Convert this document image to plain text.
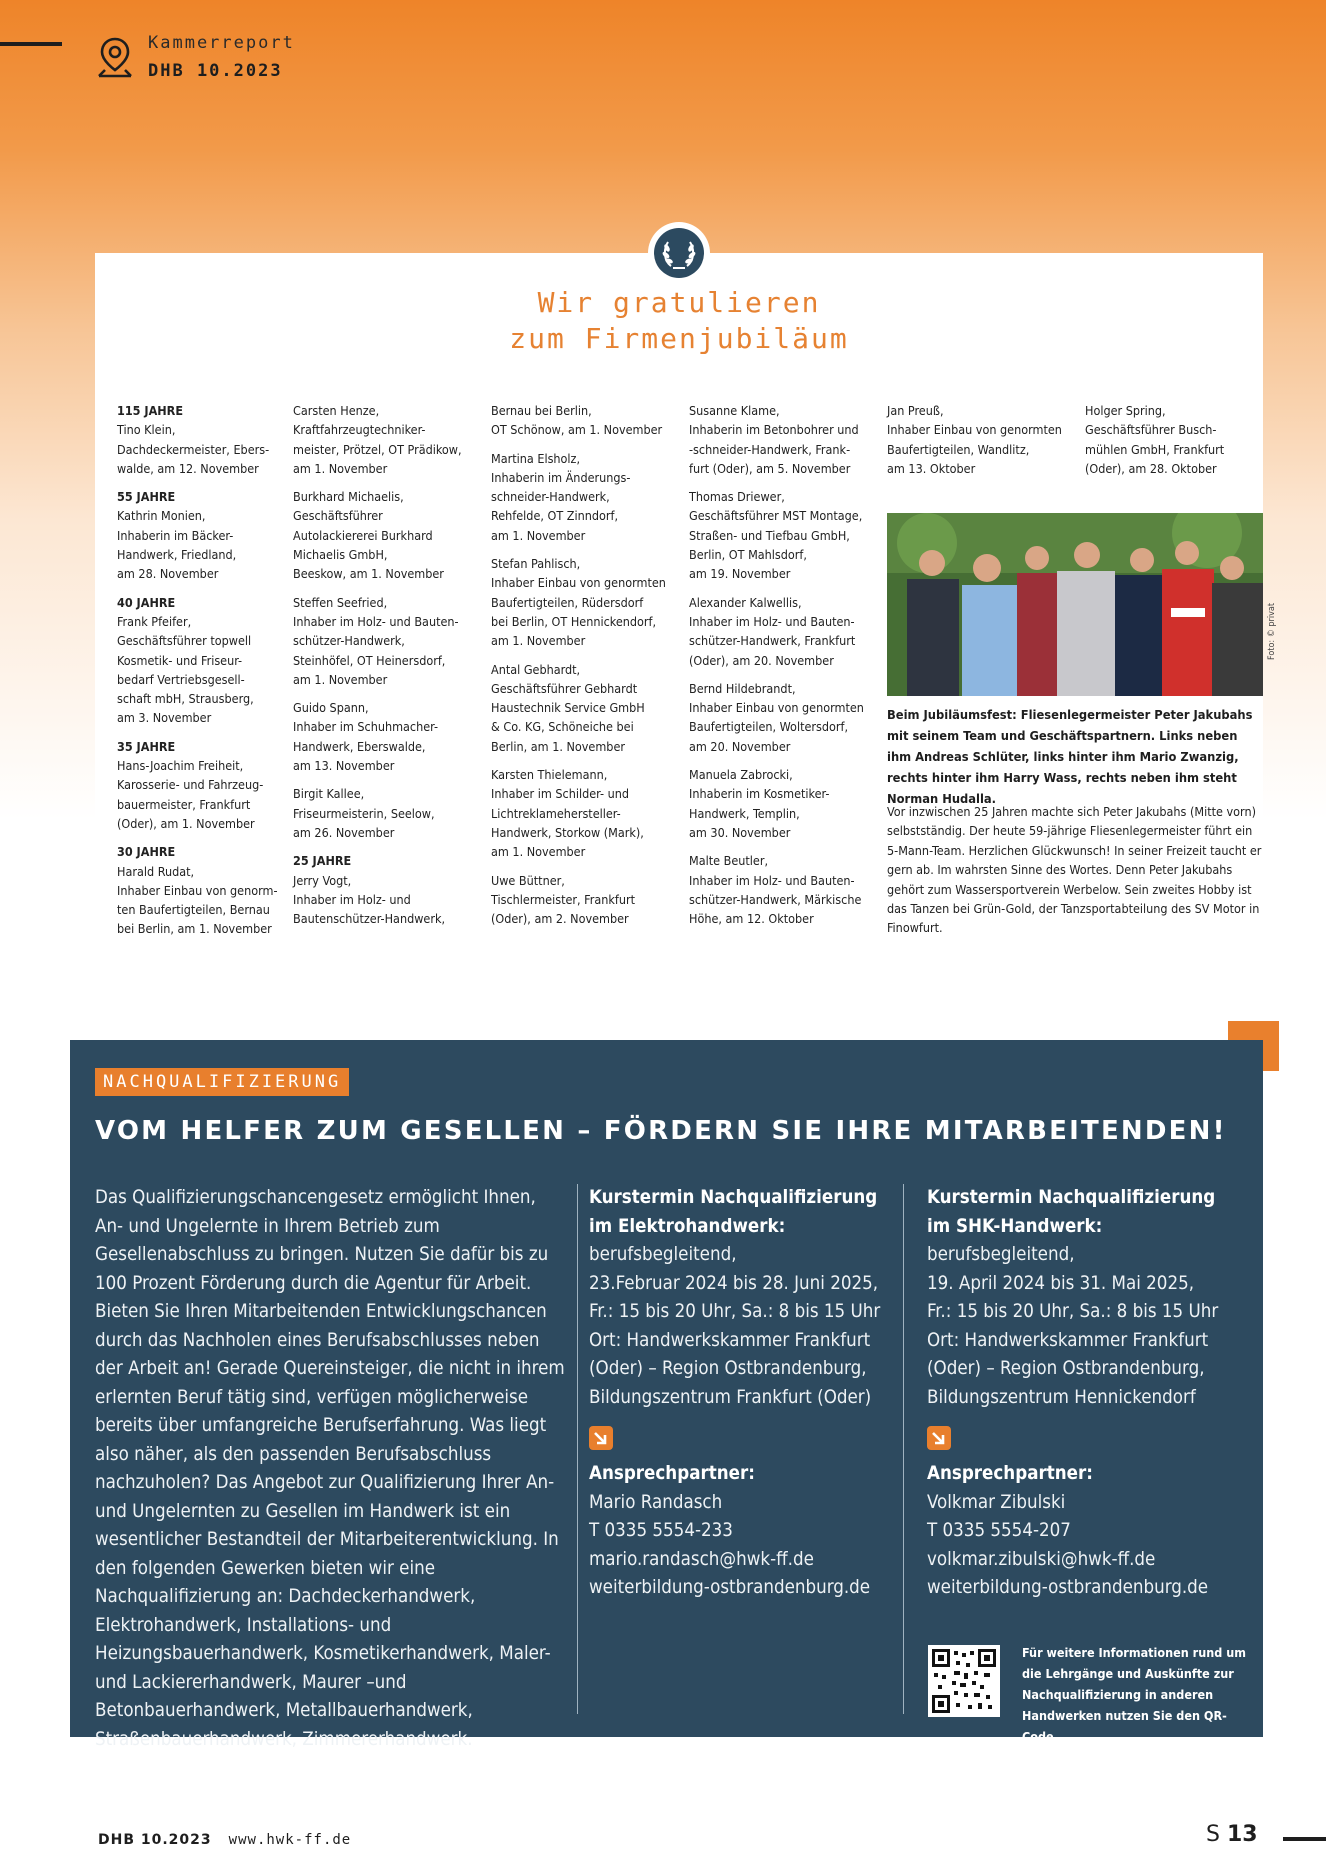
Kammerreport
DHB 10.2023
Wir gratulieren
zum Firmenjubiläum
115 JAHRE
Tino Klein,
Dachdeckermeister, Ebers-
walde, am 12. November
55 JAHRE
Kathrin Monien,
Inhaberin im Bäcker-
Handwerk, Friedland,
am 28. November
40 JAHRE
Frank Pfeifer,
Geschäftsführer topwell
Kosmetik- und Friseur-
bedarf Vertriebsgesell-
schaft mbH, Strausberg,
am 3. November
35 JAHRE
Hans-Joachim Freiheit,
Karosserie- und Fahrzeug-
bauermeister, Frankfurt
(Oder), am 1. November
30 JAHRE
Harald Rudat,
Inhaber Einbau von genorm-
ten Baufertigteilen, Bernau
bei Berlin, am 1. November
Carsten Henze,
Kraftfahrzeugtechniker-
meister, Prötzel, OT Prädikow,
am 1. November
Burkhard Michaelis,
Geschäftsführer
Autolackiererei Burkhard
Michaelis GmbH,
Beeskow, am 1. November
Steffen Seefried,
Inhaber im Holz- und Bauten-
schützer-Handwerk,
Steinhöfel, OT Heinersdorf,
am 1. November
Guido Spann,
Inhaber im Schuhmacher-
Handwerk, Eberswalde,
am 13. November
Birgit Kallee,
Friseurmeisterin, Seelow,
am 26. November
25 JAHRE
Jerry Vogt,
Inhaber im Holz- und
Bautenschützer-Handwerk,
Bernau bei Berlin,
OT Schönow, am 1. November
Martina Elsholz,
Inhaberin im Änderungs-
schneider-Handwerk,
Rehfelde, OT Zinndorf,
am 1. November
Stefan Pahlisch,
Inhaber Einbau von genormten
Baufertigteilen, Rüdersdorf
bei Berlin, OT Hennickendorf,
am 1. November
Antal Gebhardt,
Geschäftsführer Gebhardt
Haustechnik Service GmbH
& Co. KG, Schöneiche bei
Berlin, am 1. November
Karsten Thielemann,
Inhaber im Schilder- und
Lichtreklamehersteller-
Handwerk, Storkow (Mark),
am 1. November
Uwe Büttner,
Tischlermeister, Frankfurt
(Oder), am 2. November
Susanne Klame,
Inhaberin im Betonbohrer und
-schneider-Handwerk, Frank-
furt (Oder), am 5. November
Thomas Driewer,
Geschäftsführer MST Montage,
Straßen- und Tiefbau GmbH,
Berlin, OT Mahlsdorf,
am 19. November
Alexander Kalwellis,
Inhaber im Holz- und Bauten-
schützer-Handwerk, Frankfurt
(Oder), am 20. November
Bernd Hildebrandt,
Inhaber Einbau von genormten
Baufertigteilen, Woltersdorf,
am 20. November
Manuela Zabrocki,
Inhaberin im Kosmetiker-
Handwerk, Templin,
am 30. November
Malte Beutler,
Inhaber im Holz- und Bauten-
schützer-Handwerk, Märkische
Höhe, am 12. Oktober
Jan Preuß,
Inhaber Einbau von genormten
Baufertigteilen, Wandlitz,
am 13. Oktober
Holger Spring,
Geschäftsführer Busch-
mühlen GmbH, Frankfurt
(Oder), am 28. Oktober
Foto: © privat
Beim Jubiläumsfest: Fliesenlegermeister Peter Jakubahs mit seinem Team und Geschäftspartnern. Links neben ihm Andreas Schlüter, links hinter ihm Mario Zwanzig, rechts hinter ihm Harry Wass, rechts neben ihm steht Norman Hudalla.
Vor inzwischen 25 Jahren machte sich Peter Jakubahs (Mitte vorn) selbstständig. Der heute 59-jährige Fliesenlegermeister führt ein 5-Mann-Team. Herzlichen Glückwunsch! In seiner Freizeit taucht er gern ab. Im wahrsten Sinne des Wortes. Denn Peter Jakubahs gehört zum Wassersportverein Werbelow. Sein zweites Hobby ist das Tanzen bei Grün-Gold, der Tanzsportabteilung des SV Motor in Finowfurt.
NACHQUALIFIZIERUNG
VOM HELFER ZUM GESELLEN – FÖRDERN SIE IHRE MITARBEITENDEN!
Das Qualifizierungschancengesetz ermöglicht Ihnen, An- und Ungelernte in Ihrem Betrieb zum Gesellenabschluss zu bringen. Nutzen Sie dafür bis zu 100 Prozent Förderung durch die Agentur für Arbeit. Bieten Sie Ihren Mitarbeitenden Entwicklungschancen durch das Nachholen eines Berufsabschlusses neben der Arbeit an! Gerade Quereinsteiger, die nicht in ihrem erlernten Beruf tätig sind, verfügen möglicherweise bereits über umfangreiche Berufserfahrung. Was liegt also näher, als den passenden Berufsabschluss nachzuholen? Das Angebot zur Qualifizierung Ihrer An- und Ungelernten zu Gesellen im Handwerk ist ein wesentlicher Bestandteil der Mitarbeiterentwicklung. In den folgenden Gewerken bieten wir eine Nachqualifizierung an: Dachdeckerhandwerk, Elektrohandwerk, Installations- und Heizungsbauerhandwerk, Kosmetikerhandwerk, Maler- und Lackiererhandwerk, Maurer –und Betonbauerhandwerk, Metallbauerhandwerk, Straßenbauerhandwerk, Zimmererhandwerk.
Kurstermin Nachqualifizierung
im Elektrohandwerk:
berufsbegleitend,
23.Februar 2024 bis 28. Juni 2025,
Fr.: 15 bis 20 Uhr, Sa.: 8 bis 15 Uhr
Ort: Handwerkskammer Frankfurt
(Oder) – Region Ostbrandenburg,
Bildungszentrum Frankfurt (Oder)
Ansprechpartner:
Mario Randasch
T 0335 5554-233
mario.randasch@hwk-ff.de
weiterbildung-ostbrandenburg.de
Kurstermin Nachqualifizierung
im SHK-Handwerk:
berufsbegleitend,
19. April 2024 bis 31. Mai 2025,
Fr.: 15 bis 20 Uhr, Sa.: 8 bis 15 Uhr
Ort: Handwerkskammer Frankfurt
(Oder) – Region Ostbrandenburg,
Bildungszentrum Hennickendorf
Ansprechpartner:
Volkmar Zibulski
T 0335 5554-207
volkmar.zibulski@hwk-ff.de
weiterbildung-ostbrandenburg.de
Für weitere Informationen rund um die Lehrgänge und Auskünfte zur Nachqualifizierung in anderen Handwerken nutzen Sie den QR-Code.
DHB 10.2023 www.hwk-ff.de	S 13
